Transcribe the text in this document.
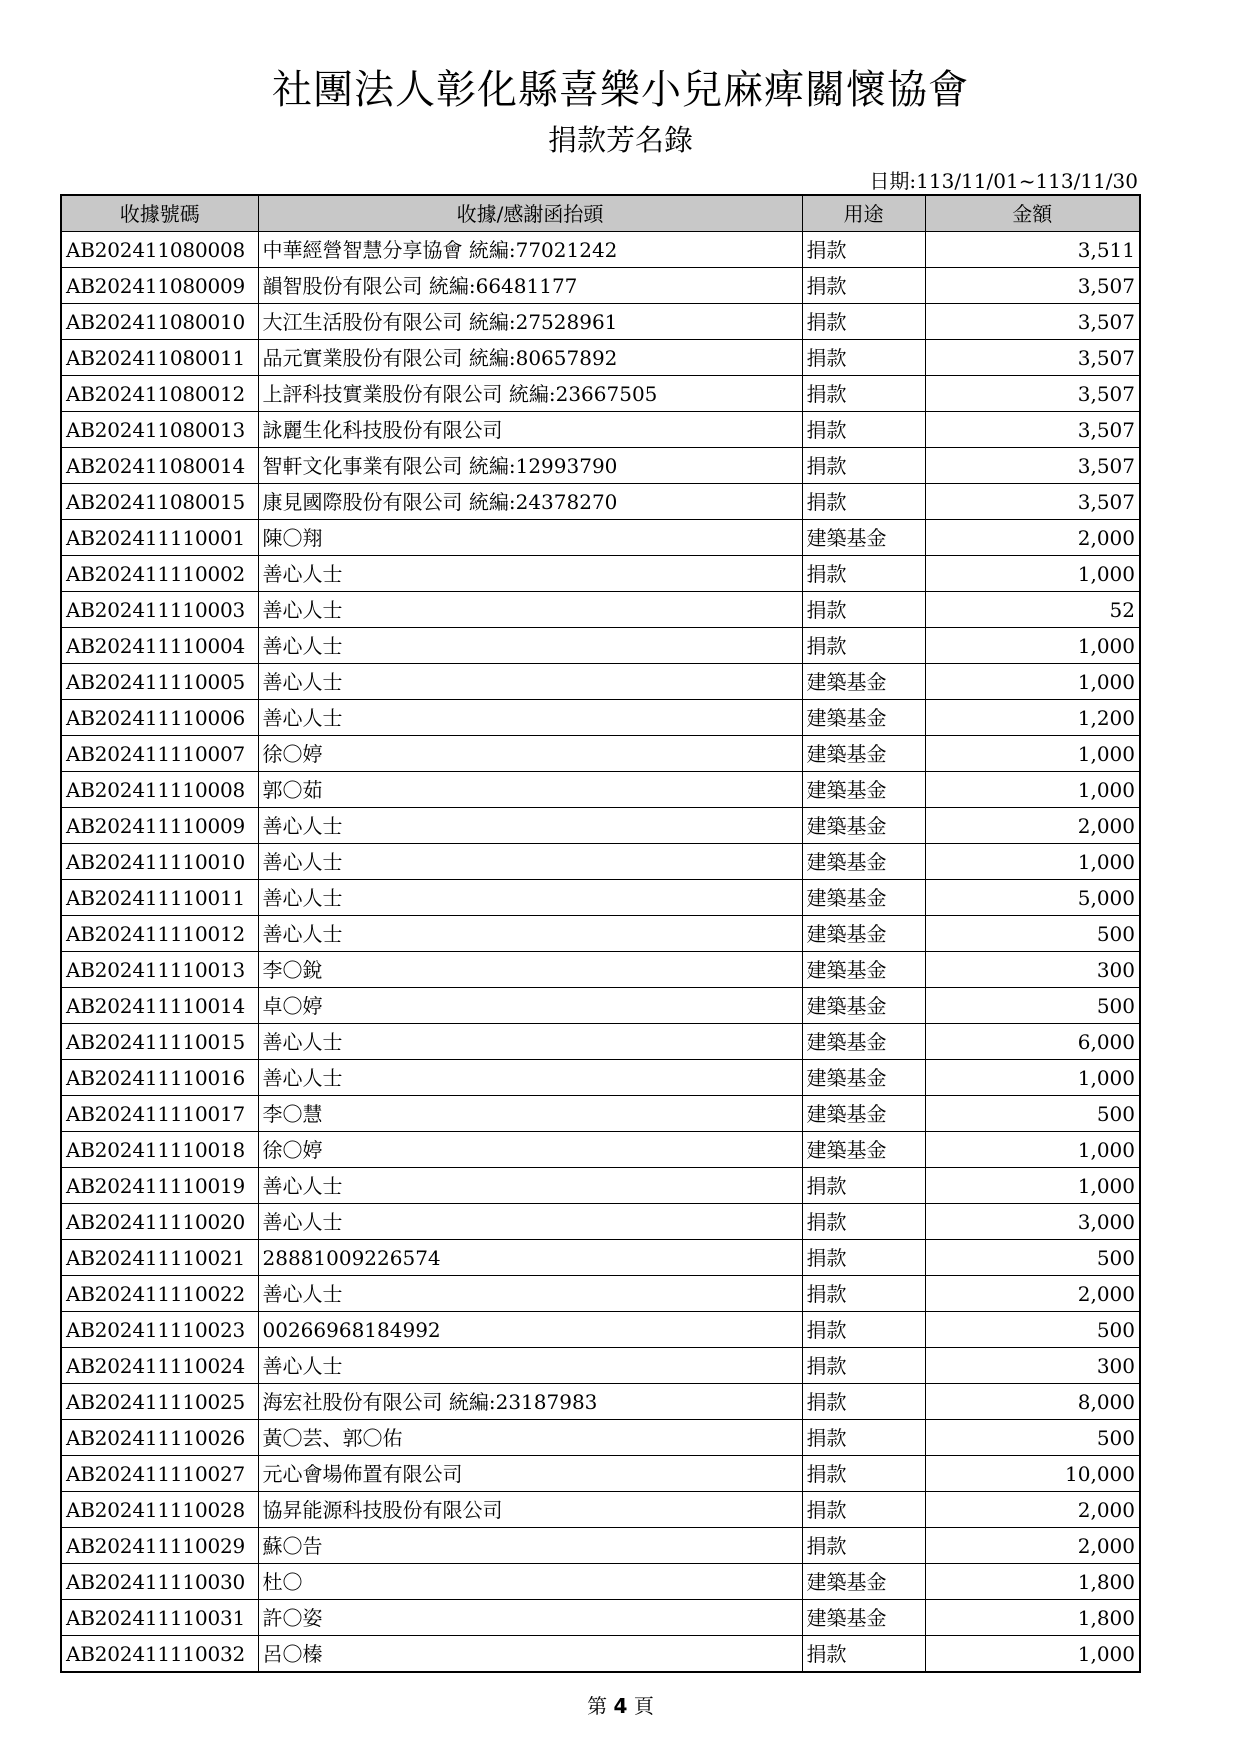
社團法人彰化縣喜樂小兒麻痺關懷協會
捐款芳名錄
日期:113/11/01~113/11/30
收據號碼	收據/感謝函抬頭	用途	金額
AB202411080008	中華經營智慧分享協會 統編:77021242	捐款	3,511
AB202411080009	韻智股份有限公司 統編:66481177	捐款	3,507
AB202411080010	大江生活股份有限公司 統編:27528961	捐款	3,507
AB202411080011	品元實業股份有限公司 統編:80657892	捐款	3,507
AB202411080012	上評科技實業股份有限公司 統編:23667505	捐款	3,507
AB202411080013	詠麗生化科技股份有限公司	捐款	3,507
AB202411080014	智軒文化事業有限公司 統編:12993790	捐款	3,507
AB202411080015	康見國際股份有限公司 統編:24378270	捐款	3,507
AB202411110001	陳〇翔	建築基金	2,000
AB202411110002	善心人士	捐款	1,000
AB202411110003	善心人士	捐款	52
AB202411110004	善心人士	捐款	1,000
AB202411110005	善心人士	建築基金	1,000
AB202411110006	善心人士	建築基金	1,200
AB202411110007	徐〇婷	建築基金	1,000
AB202411110008	郭〇茹	建築基金	1,000
AB202411110009	善心人士	建築基金	2,000
AB202411110010	善心人士	建築基金	1,000
AB202411110011	善心人士	建築基金	5,000
AB202411110012	善心人士	建築基金	500
AB202411110013	李〇銳	建築基金	300
AB202411110014	卓〇婷	建築基金	500
AB202411110015	善心人士	建築基金	6,000
AB202411110016	善心人士	建築基金	1,000
AB202411110017	李〇慧	建築基金	500
AB202411110018	徐〇婷	建築基金	1,000
AB202411110019	善心人士	捐款	1,000
AB202411110020	善心人士	捐款	3,000
AB202411110021	28881009226574	捐款	500
AB202411110022	善心人士	捐款	2,000
AB202411110023	00266968184992	捐款	500
AB202411110024	善心人士	捐款	300
AB202411110025	海宏社股份有限公司 統編:23187983	捐款	8,000
AB202411110026	黃〇芸、郭〇佑	捐款	500
AB202411110027	元心會場佈置有限公司	捐款	10,000
AB202411110028	協昇能源科技股份有限公司	捐款	2,000
AB202411110029	蘇〇告	捐款	2,000
AB202411110030	杜〇	建築基金	1,800
AB202411110031	許〇姿	建築基金	1,800
AB202411110032	呂〇榛	捐款	1,000
第 4 頁
